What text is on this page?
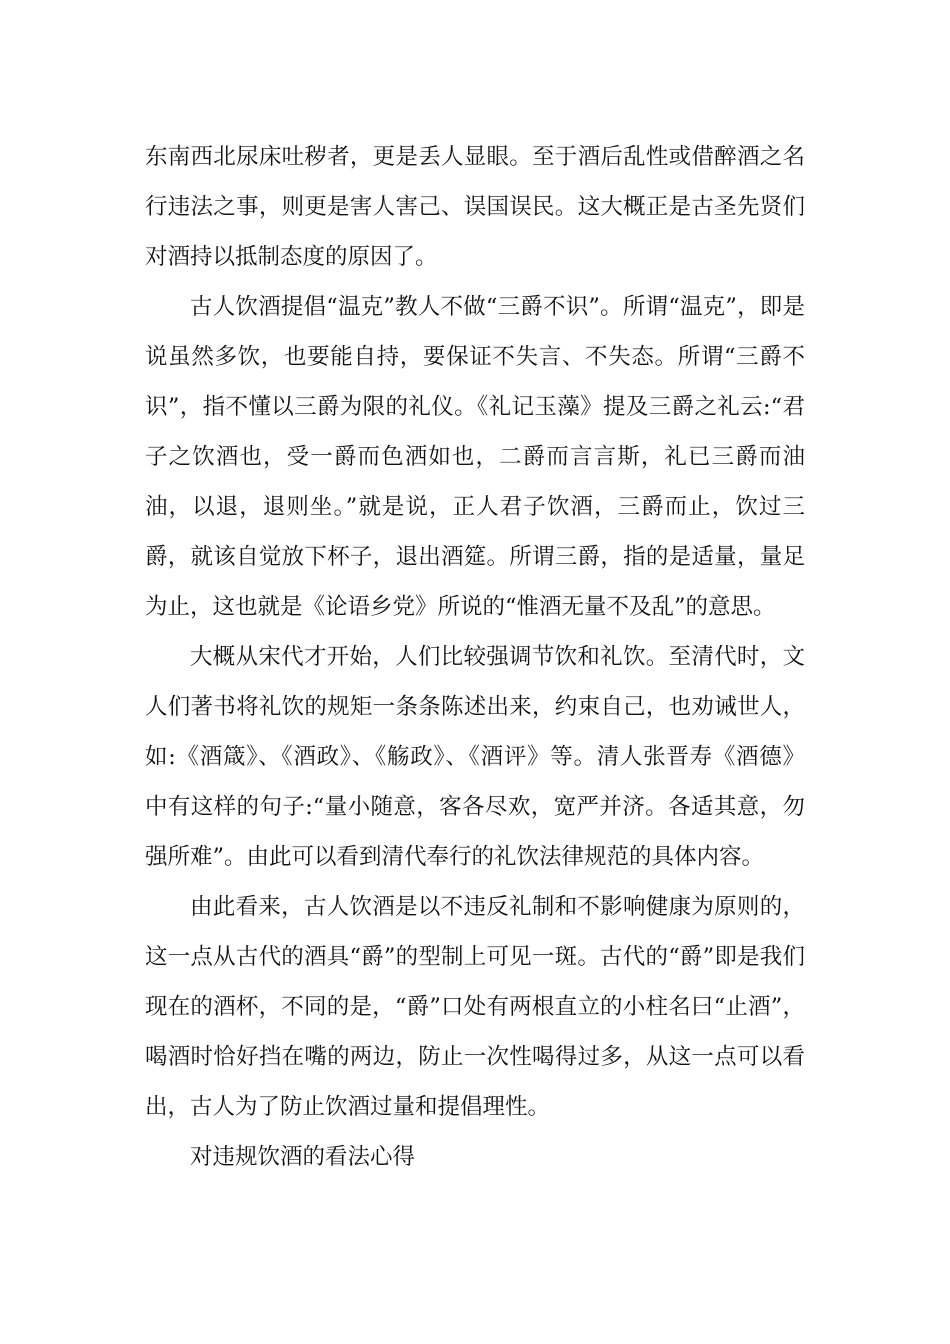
东南西北尿床吐秽者，更是丢人显眼。至于酒后乱性或借醉酒之名行违法之事，则更是害人害己、误国误民。这大概正是古圣先贤们对酒持以抵制态度的原因了。

古人饮酒提倡“温克”教人不做“三爵不识”。所谓“温克”，即是说虽然多饮，也要能自持，要保证不失言、不失态。所谓“三爵不识”，指不懂以三爵为限的礼仪。《礼记玉藻》提及三爵之礼云:“君子之饮酒也，受一爵而色洒如也，二爵而言言斯，礼已三爵而油油，以退，退则坐。”就是说，正人君子饮酒，三爵而止，饮过三爵，就该自觉放下杯子，退出酒筵。所谓三爵，指的是适量，量足为止，这也就是《论语乡党》所说的“惟酒无量不及乱”的意思。

大概从宋代才开始，人们比较强调节饮和礼饮。至清代时，文人们著书将礼饮的规矩一条条陈述出来，约束自己，也劝诫世人，如:《酒箴》、《酒政》、《觞政》、《酒评》等。清人张晋寿《酒德》中有这样的句子:“量小随意，客各尽欢，宽严并济。各适其意，勿强所难”。由此可以看到清代奉行的礼饮法律规范的具体内容。

由此看来，古人饮酒是以不违反礼制和不影响健康为原则的，这一点从古代的酒具“爵”的型制上可见一斑。古代的“爵”即是我们现在的酒杯，不同的是，“爵”口处有两根直立的小柱名曰“止酒”，喝酒时恰好挡在嘴的两边，防止一次性喝得过多，从这一点可以看出，古人为了防止饮酒过量和提倡理性。

对违规饮酒的看法心得
